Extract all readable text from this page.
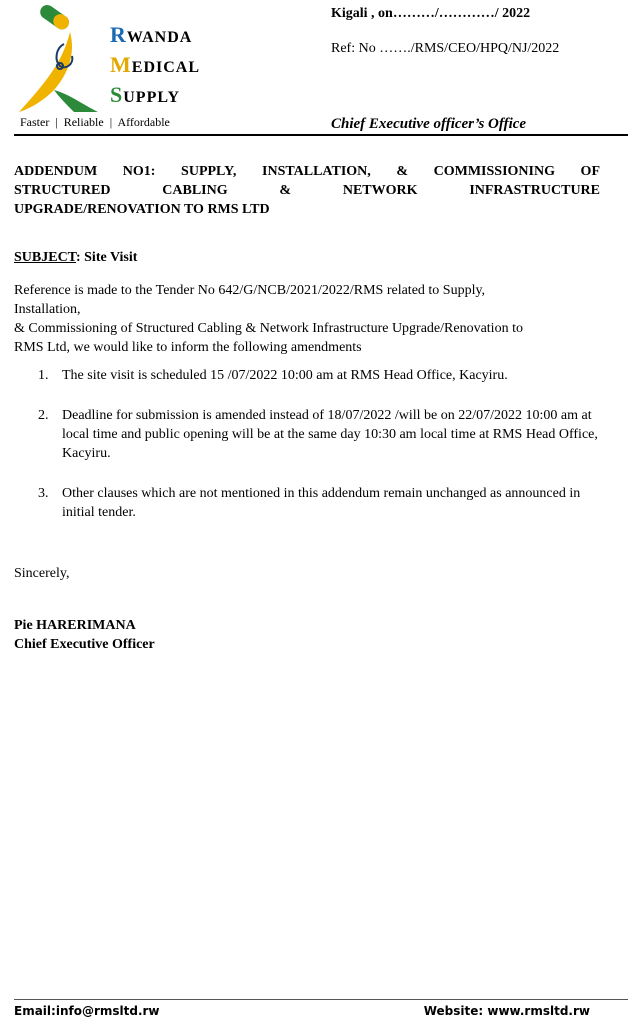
RWANDA
MEDICAL
SUPPLY
Faster  |  Reliable  |  Affordable
Kigali , on………/…………/ 2022
Ref: No ……./RMS/CEO/HPQ/NJ/2022
Chief Executive officer’s Office
ADDENDUM NO1: SUPPLY, INSTALLATION, & COMMISSIONING OF
STRUCTURED CABLING & NETWORK INFRASTRUCTURE
UPGRADE/RENOVATION TO RMS LTD
SUBJECT: Site Visit

Reference is made to the Tender No 642/G/NCB/2021/2022/RMS related to Supply,

Installation,

& Commissioning of Structured Cabling & Network Infrastructure Upgrade/Renovation to

RMS Ltd, we would like to inform the following amendments

1. The site visit is scheduled 15 /07/2022 10:00 am at RMS Head Office, Kacyiru.
2. Deadline for submission is amended instead of 18/07/2022 /will be on 22/07/2022 10:00 am at local time and public opening will be at the same day 10:30 am local time at RMS Head Office, Kacyiru.
3. Other clauses which are not mentioned in this addendum remain unchanged as announced in initial tender.
Sincerely,
Pie HARERIMANA
Chief Executive Officer
Email:info@rmsltd.rw	Website: www.rmsltd.rw
